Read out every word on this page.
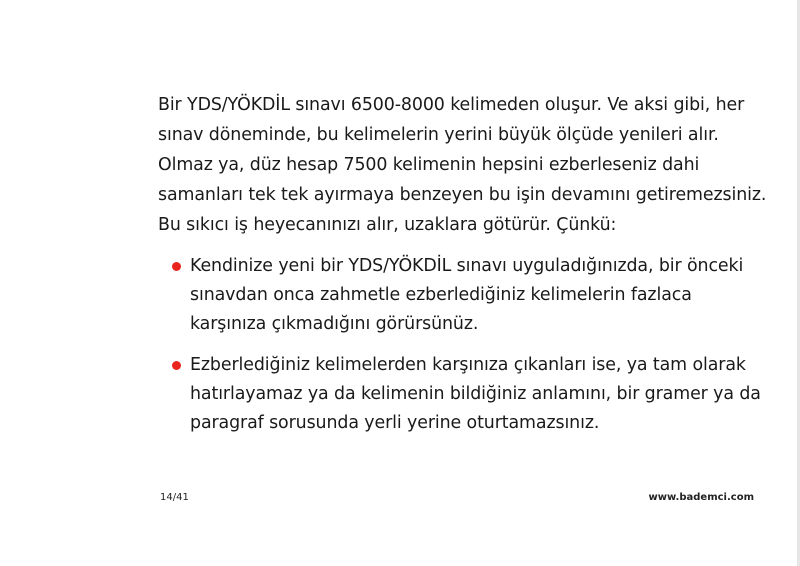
Bir YDS/YÖKDİL sınavı 6500-8000 kelimeden oluşur. Ve aksi gibi, her sınav döneminde, bu kelimelerin yerini büyük ölçüde yenileri alır. Olmaz ya, düz hesap 7500 kelimenin hepsini ezberleseniz dahi samanları tek tek ayırmaya benzeyen bu işin devamını getiremezsiniz. Bu sıkıcı iş heyecanınızı alır, uzaklara götürür. Çünkü:

Kendinize yeni bir YDS/YÖKDİL sınavı uyguladığınızda, bir önceki sınavdan onca zahmetle ezberlediğiniz kelimelerin fazlaca karşınıza çıkmadığını görürsünüz.
Ezberlediğiniz kelimelerden karşınıza çıkanları ise, ya tam olarak hatırlayamaz ya da kelimenin bildiğiniz anlamını, bir gramer ya da paragraf sorusunda yerli yerine oturtamazsınız.
14/41	www.bademci.com
